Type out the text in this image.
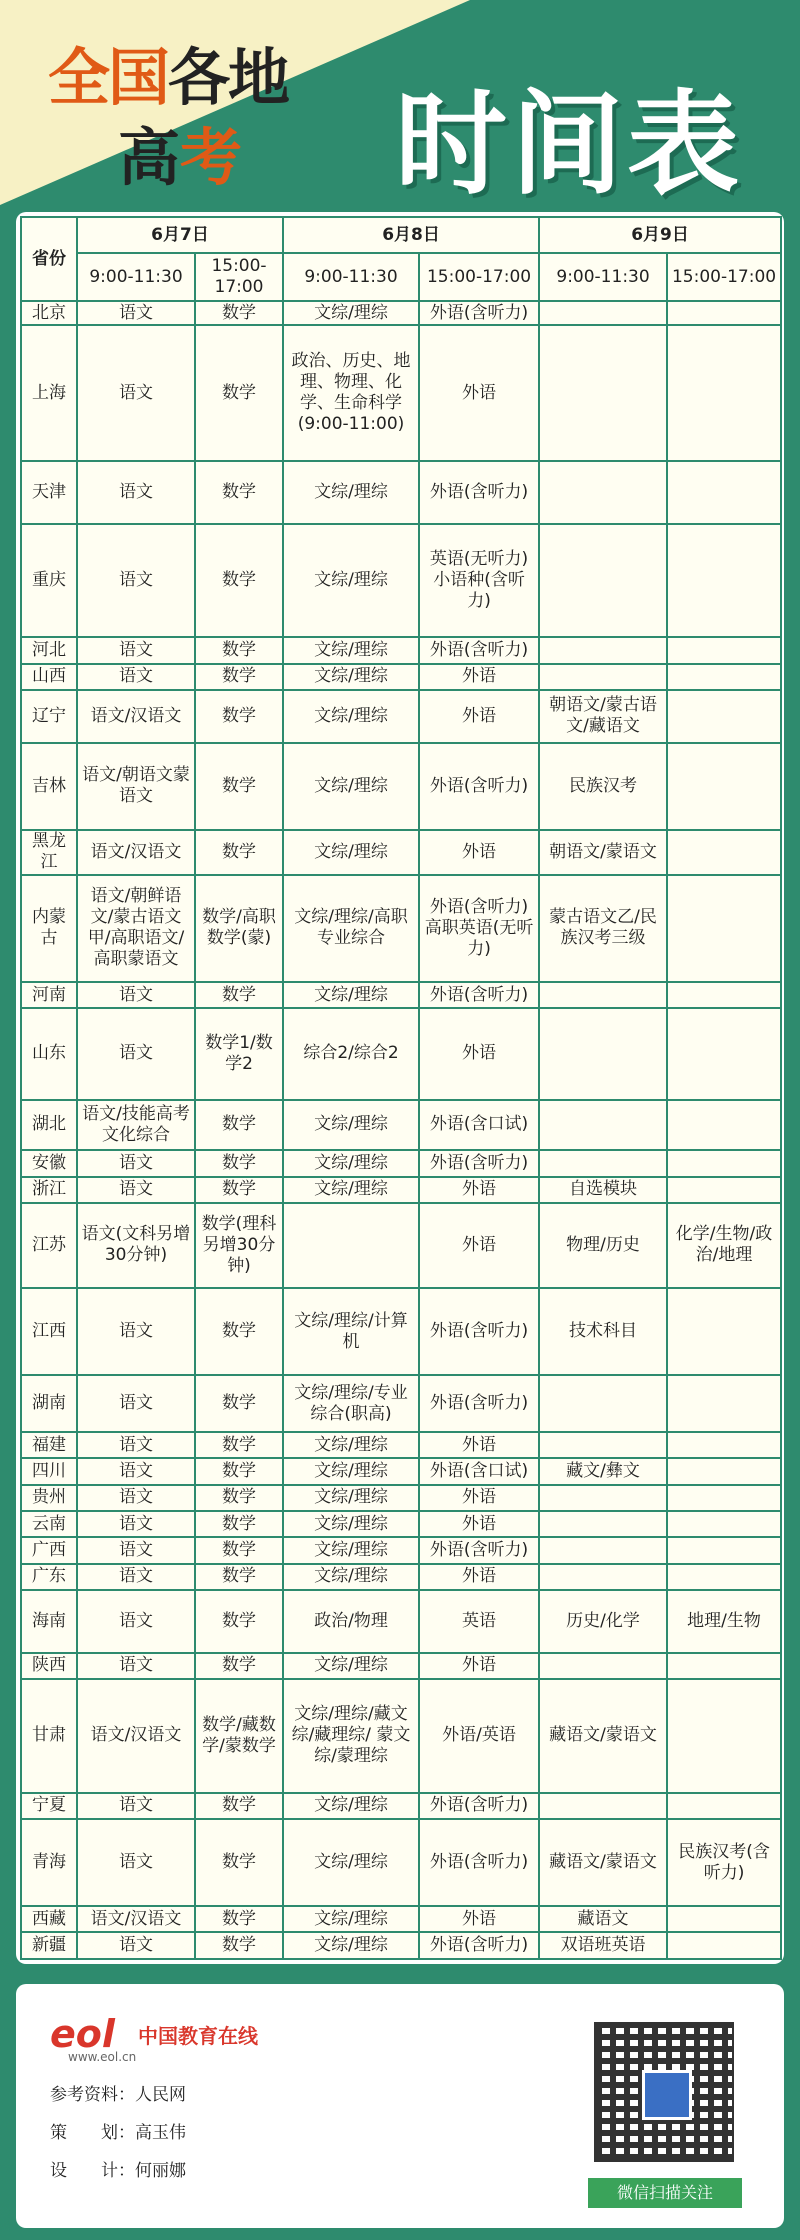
全国各地
高考 时间表
省份	6月7日		6月8日		6月9日	
	9:00-11:30	15:00-17:00	9:00-11:30	15:00-17:00	9:00-11:30	15:00-17:00
北京	语文	数学	文综/理综	外语(含听力)		
上海	语文	数学	政治、历史、地理、物理、化学、生命科学(9:00-11:00)	外语		
天津	语文	数学	文综/理综	外语(含听力)		
重庆	语文	数学	文综/理综	英语(无听力)小语种(含听力)		
河北	语文	数学	文综/理综	外语(含听力)		
山西	语文	数学	文综/理综	外语		
辽宁	语文/汉语文	数学	文综/理综	外语	朝语文/蒙古语文/藏语文	
吉林	语文/朝语文蒙语文	数学	文综/理综	外语(含听力)	民族汉考	
黑龙江	语文/汉语文	数学	文综/理综	外语	朝语文/蒙语文	
内蒙古	语文/朝鲜语文/蒙古语文甲/高职语文/高职蒙语文	数学/高职数学(蒙)	文综/理综/高职专业综合	外语(含听力)高职英语(无听力)	蒙古语文乙/民族汉考三级	
河南	语文	数学	文综/理综	外语(含听力)		
山东	语文	数学1/数学2	综合2/综合2	外语		
湖北	语文/技能高考文化综合	数学	文综/理综	外语(含口试)		
安徽	语文	数学	文综/理综	外语(含听力)		
浙江	语文	数学	文综/理综	外语	自选模块	
江苏	语文(文科另增30分钟)	数学(理科另增30分钟)		外语	物理/历史	化学/生物/政治/地理
江西	语文	数学	文综/理综/计算机	外语(含听力)	技术科目	
湖南	语文	数学	文综/理综/专业综合(职高)	外语(含听力)		
福建	语文	数学	文综/理综	外语		
四川	语文	数学	文综/理综	外语(含口试)	藏文/彝文	
贵州	语文	数学	文综/理综	外语		
云南	语文	数学	文综/理综	外语		
广西	语文	数学	文综/理综	外语(含听力)		
广东	语文	数学	文综/理综	外语		
海南	语文	数学	政治/物理	英语	历史/化学	地理/生物
陕西	语文	数学	文综/理综	外语		
甘肃	语文/汉语文	数学/藏数学/蒙数学	文综/理综/藏文综/藏理综/ 蒙文综/蒙理综	外语/英语	藏语文/蒙语文	
宁夏	语文	数学	文综/理综	外语(含听力)		
青海	语文	数学	文综/理综	外语(含听力)	藏语文/蒙语文	民族汉考(含听力)
西藏	语文/汉语文	数学	文综/理综	外语	藏语文	
新疆	语文	数学	文综/理综	外语(含听力)	双语班英语	
eol
www.eol.cn
中国教育在线
参考资料：人民网
策　　划：高玉伟
设　　计：何丽娜
微信扫描关注
